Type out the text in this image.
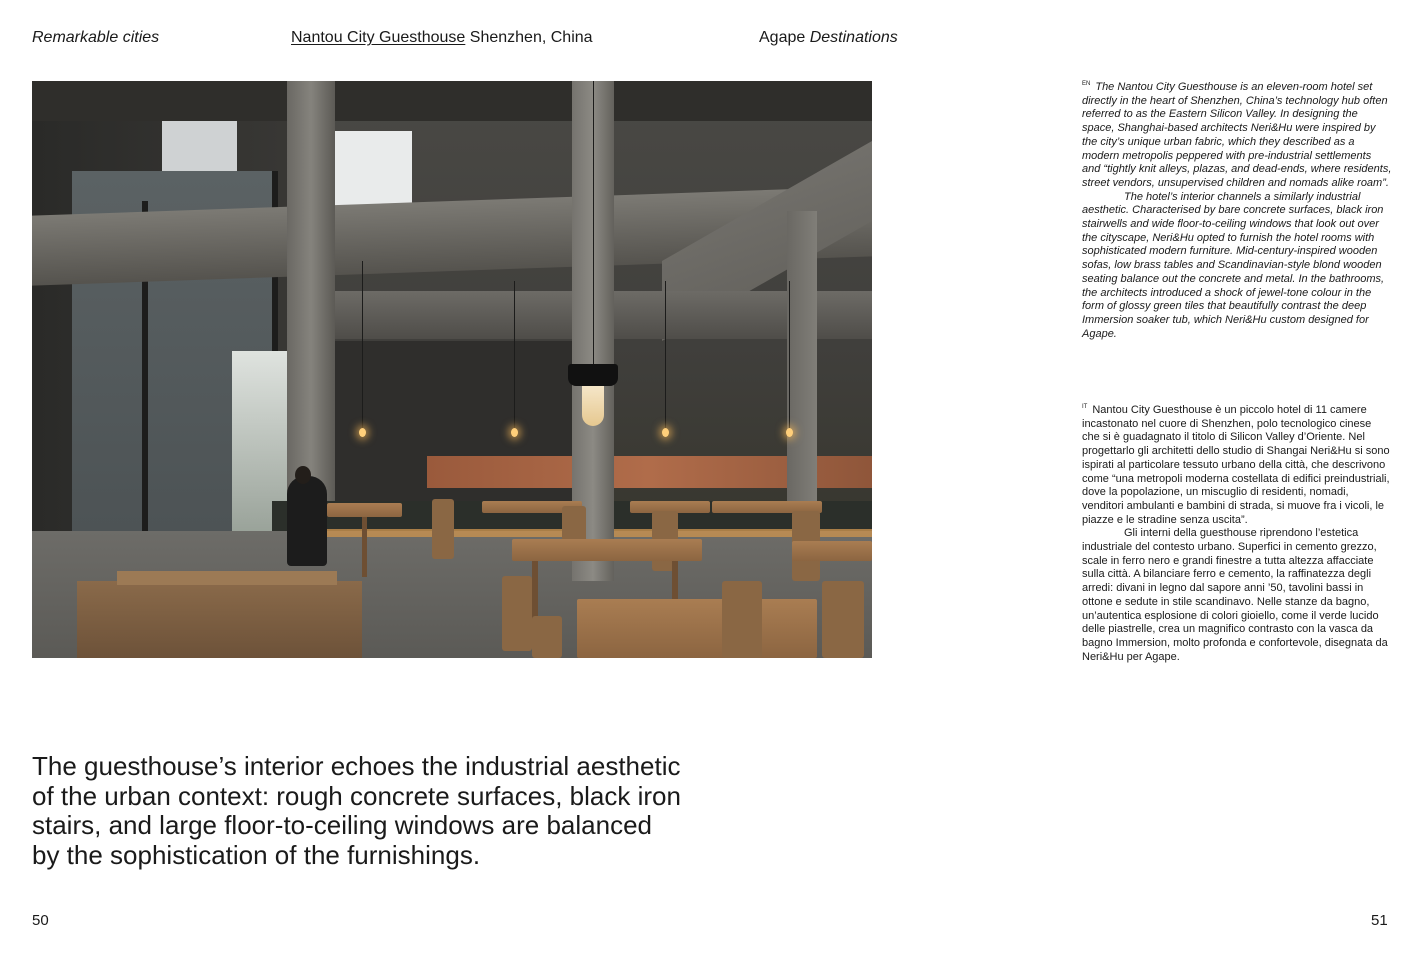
Remarkable cities	Nantou City Guesthouse Shenzhen, China	Agape Destinations
The guesthouse’s interior echoes the industrial aesthetic of the urban context: rough concrete surfaces, black iron stairs, and large floor-to-ceiling windows are balanced by the sophistication of the furnishings.
50	51

$^{EN}$ The Nantou City Guesthouse is an eleven-room hotel set directly in the heart of Shenzhen, China’s technology hub often referred to as the Eastern Silicon Valley. In designing the space, Shanghai-based architects Neri&Hu were inspired by the city’s unique urban fabric, which they described as a modern metropolis peppered with pre-industrial settlements and “tightly knit alleys, plazas, and dead-ends, where residents, street vendors, unsupervised children and nomads alike roam”.

The hotel’s interior channels a similarly industrial aesthetic. Characterised by bare concrete surfaces, black iron stairwells and wide floor-to-ceiling windows that look out over the cityscape, Neri&Hu opted to furnish the hotel rooms with sophisticated modern furniture. Mid-century-inspired wooden sofas, low brass tables and Scandinavian-style blond wooden seating balance out the concrete and metal. In the bathrooms, the architects introduced a shock of jewel-tone colour in the form of glossy green tiles that beautifully contrast the deep Immersion soaker tub, which Neri&Hu custom designed for Agape.

$^{IT}$ Nantou City Guesthouse è un piccolo hotel di 11 camere incastonato nel cuore di Shenzhen, polo tecnologico cinese che si è guadagnato il titolo di Silicon Valley d’Oriente. Nel progettarlo gli architetti dello studio di Shangai Neri&Hu si sono ispirati al particolare tessuto urbano della città, che descrivono come “una metropoli moderna costellata di edifici preindustriali, dove la popolazione, un miscuglio di residenti, nomadi, venditori ambulanti e bambini di strada, si muove fra i vicoli, le piazze e le stradine senza uscita”.

Gli interni della guesthouse riprendono l’estetica industriale del contesto urbano. Superfici in cemento grezzo, scale in ferro nero e grandi finestre a tutta altezza affacciate sulla città. A bilanciare ferro e cemento, la raffinatezza degli arredi: divani in legno dal sapore anni ’50, tavolini bassi in ottone e sedute in stile scandinavo. Nelle stanze da bagno, un’autentica esplosione di colori gioiello, come il verde lucido delle piastrelle, crea un magnifico contrasto con la vasca da bagno Immersion, molto profonda e confortevole, disegnata da Neri&Hu per Agape.
